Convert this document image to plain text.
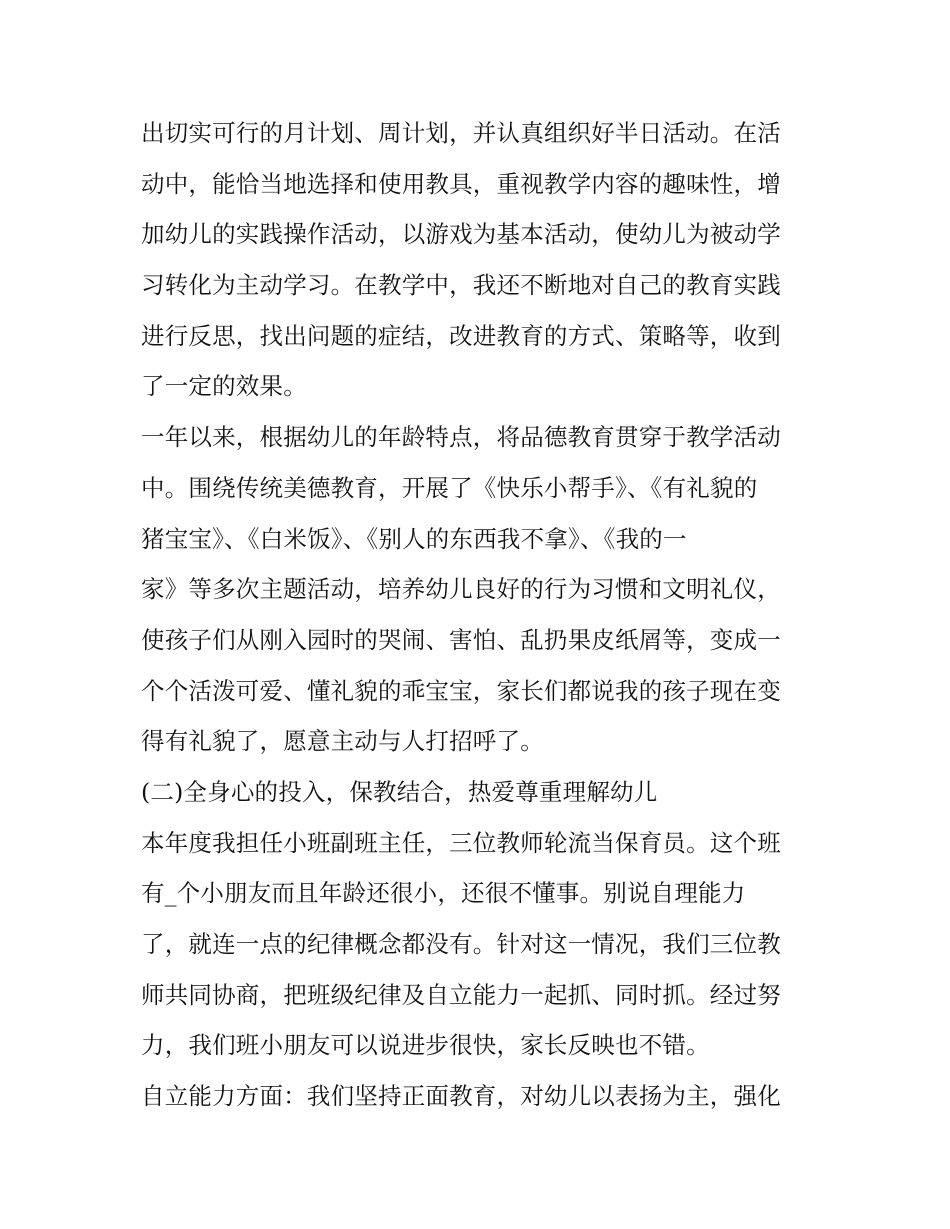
出切实可行的月计划、周计划，并认真组织好半日活动。在活
动中，能恰当地选择和使用教具，重视教学内容的趣味性，增
加幼儿的实践操作活动，以游戏为基本活动，使幼儿为被动学
习转化为主动学习。在教学中，我还不断地对自己的教育实践
进行反思，找出问题的症结，改进教育的方式、策略等，收到
了一定的效果。
一年以来，根据幼儿的年龄特点，将品德教育贯穿于教学活动
中。围绕传统美德教育，开展了《快乐小帮手》、《有礼貌的
猪宝宝》、《白米饭》、《别人的东西我不拿》、《我的一
家》等多次主题活动，培养幼儿良好的行为习惯和文明礼仪，
使孩子们从刚入园时的哭闹、害怕、乱扔果皮纸屑等，变成一
个个活泼可爱、懂礼貌的乖宝宝，家长们都说我的孩子现在变
得有礼貌了，愿意主动与人打招呼了。
(二)全身心的投入，保教结合，热爱尊重理解幼儿
本年度我担任小班副班主任，三位教师轮流当保育员。这个班
有_个小朋友而且年龄还很小，还很不懂事。别说自理能力
了，就连一点的纪律概念都没有。针对这一情况，我们三位教
师共同协商，把班级纪律及自立能力一起抓、同时抓。经过努
力，我们班小朋友可以说进步很快，家长反映也不错。
自立能力方面：我们坚持正面教育，对幼儿以表扬为主，强化
